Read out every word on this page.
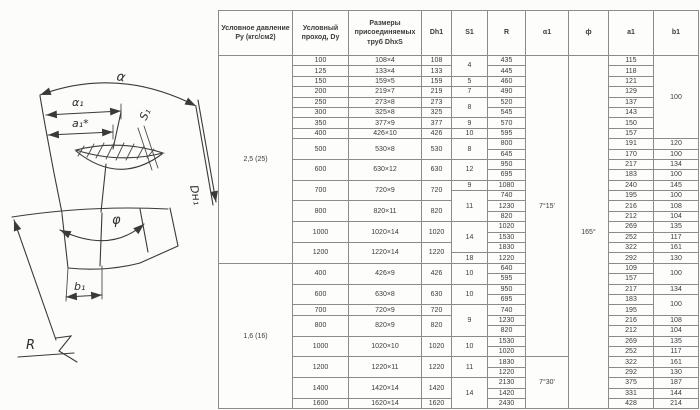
α
α₁
a₁*
S₁
Dн₁
φ
b₁
R
Условное давление Ру (кгс/см2)	Условный проход, Dy	Размеры присоединяемых труб DhxS	Dh1	S1	R	α1	ф	a1	b1
2,5 (25)	100	108×4	108	4	435	7°15'	165°	115	100
	125	133×4	133		445			118	
	150	159×5	159	5	460			121	
	200	219×7	219	7	490			129	
	250	273×8	273	8	520			137	
	300	325×8	325		545			143	
	350	377×9	377	9	570			150	
	400	426×10	426	10	595			157	
	500	530×8	530	8	800			191	120
					645			170	100
	600	630×12	630	12	950			217	134
					695			183	100
	700	720×9	720	9	1080			240	145
				11	740			195	100
	800	820×11	820		1230			216	108
					820			212	104
	1000	1020×14	1020	14	1020			269	135
					1530			252	117
	1200	1220×14	1220		1830			322	161
				18	1220			292	130
1,6 (16)	400	426×9	426	10	640			109	100
					595			157	
	600	630×8	630	10	950			217	134
					695			183	100
	700	720×9	720	9	740			195	
	800	820×9	820		1230			216	108
					820			212	104
	1000	1020×10	1020	10	1530			269	135
					1020			252	117
	1200	1220×11	1220	11	1830	7°30'		322	161
					1220			292	130
	1400	1420×14	1420	14	2130			375	187
					1420			331	144
	1600	1620×14	1620		2430			428	214
